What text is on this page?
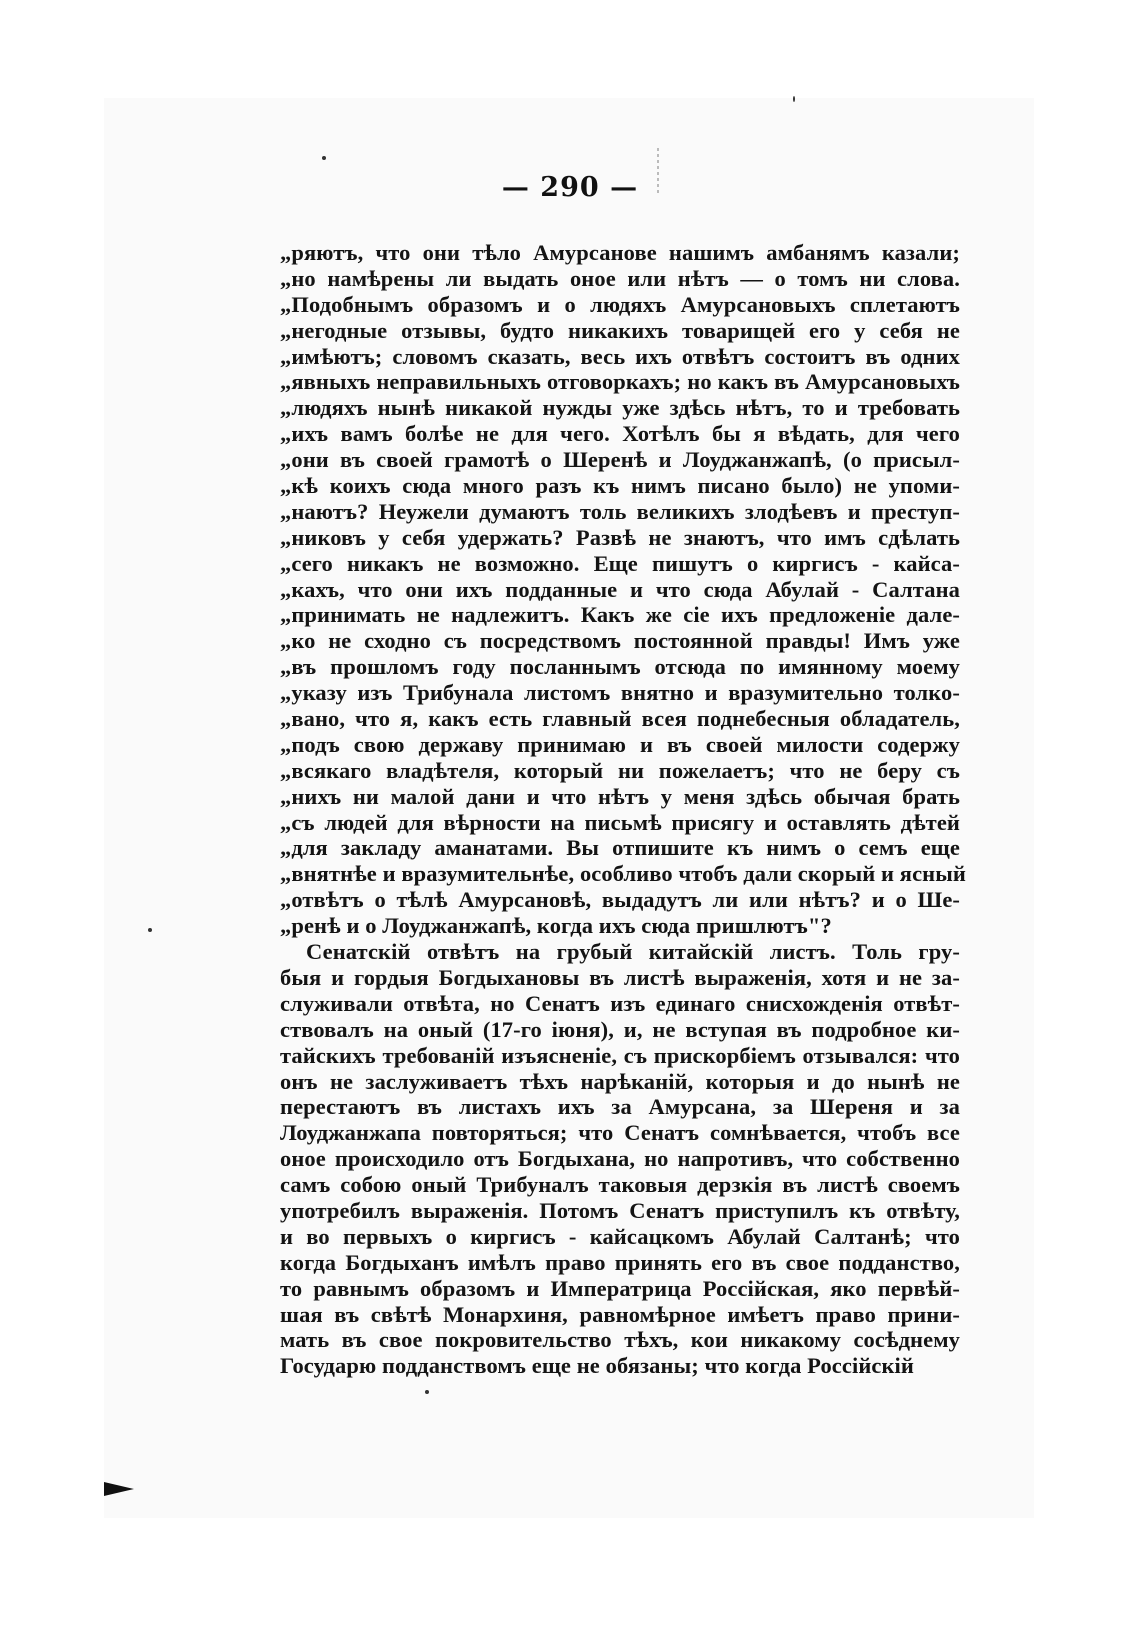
— 290 —
„ряютъ, что они тѣло Амурсанове нашимъ амбанямъ казали;
„но намѣрены ли выдать оное или нѣтъ — о томъ ни слова.
„Подобнымъ образомъ и о людяхъ Амурсановыхъ сплетаютъ
„негодные отзывы, будто никакихъ товарищей его у себя не
„имѣютъ; словомъ сказать, весь ихъ отвѣтъ состоитъ въ одних
„явныхъ неправильныхъ отговоркахъ; но какъ въ Амурсановыхъ
„людяхъ нынѣ никакой нужды уже здѣсь нѣтъ, то и требовать
„ихъ вамъ болѣе не для чего. Хотѣлъ бы я вѣдать, для чего
„они въ своей грамотѣ о Шеренѣ и Лоуджанжапѣ, (о присыл-
„кѣ коихъ сюда много разъ къ нимъ писано было) не упоми-
„наютъ? Неужели думаютъ толь великихъ злодѣевъ и преступ-
„никовъ у себя удержать? Развѣ не знаютъ, что имъ сдѣлать
„сего никакъ не возможно. Еще пишутъ о киргисъ - кайса-
„кахъ, что они ихъ подданные и что сюда Абулай - Салтана
„принимать не надлежитъ. Какъ же сіе ихъ предложеніе дале-
„ко не сходно съ посредствомъ постоянной правды! Имъ уже
„въ прошломъ году посланнымъ отсюда по имянному моему
„указу изъ Трибунала листомъ внятно и вразумительно толко-
„вано, что я, какъ есть главный всея поднебесныя обладатель,
„подъ свою державу принимаю и въ своей милости содержу
„всякаго владѣтеля, который ни пожелаетъ; что не беру съ
„нихъ ни малой дани и что нѣтъ у меня здѣсь обычая брать
„съ людей для вѣрности на письмѣ присягу и оставлять дѣтей
„для закладу аманатами. Вы отпишите къ нимъ о семъ еще
„внятнѣе и вразумительнѣе, особливо чтобъ дали скорый и ясный
„отвѣтъ о тѣлѣ Амурсановѣ, выдадутъ ли или нѣтъ? и о Ше-
„ренѣ и о Лоуджанжапѣ, когда ихъ сюда пришлютъ"?
Сенатскій отвѣтъ на грубый китайскій листъ. Толь гру-
быя и гордыя Богдыхановы въ листѣ выраженія, хотя и не за-
служивали отвѣта, но Сенатъ изъ единаго снисхожденія отвѣт-
ствовалъ на оный (17-го іюня), и, не вступая въ подробное ки-
тайскихъ требованій изъясненіе, съ прискорбіемъ отзывался: что
онъ не заслуживаетъ тѣхъ нарѣканій, которыя и до нынѣ не
перестаютъ въ листахъ ихъ за Амурсана, за Шереня и за
Лоуджанжапа повторяться; что Сенатъ сомнѣвается, чтобъ все
оное происходило отъ Богдыхана, но напротивъ, что собственно
самъ собою оный Трибуналъ таковыя дерзкія въ листѣ своемъ
употребилъ выраженія. Потомъ Сенатъ приступилъ къ отвѣту,
и во первыхъ о киргисъ - кайсацкомъ Абулай Салтанѣ; что
когда Богдыханъ имѣлъ право принять его въ свое подданство,
то равнымъ образомъ и Императрица Россійская, яко первѣй-
шая въ свѣтѣ Монархиня, равномѣрное имѣетъ право прини-
мать въ свое покровительство тѣхъ, кои никакому сосѣднему
Государю подданствомъ еще не обязаны; что когда Россійскій
